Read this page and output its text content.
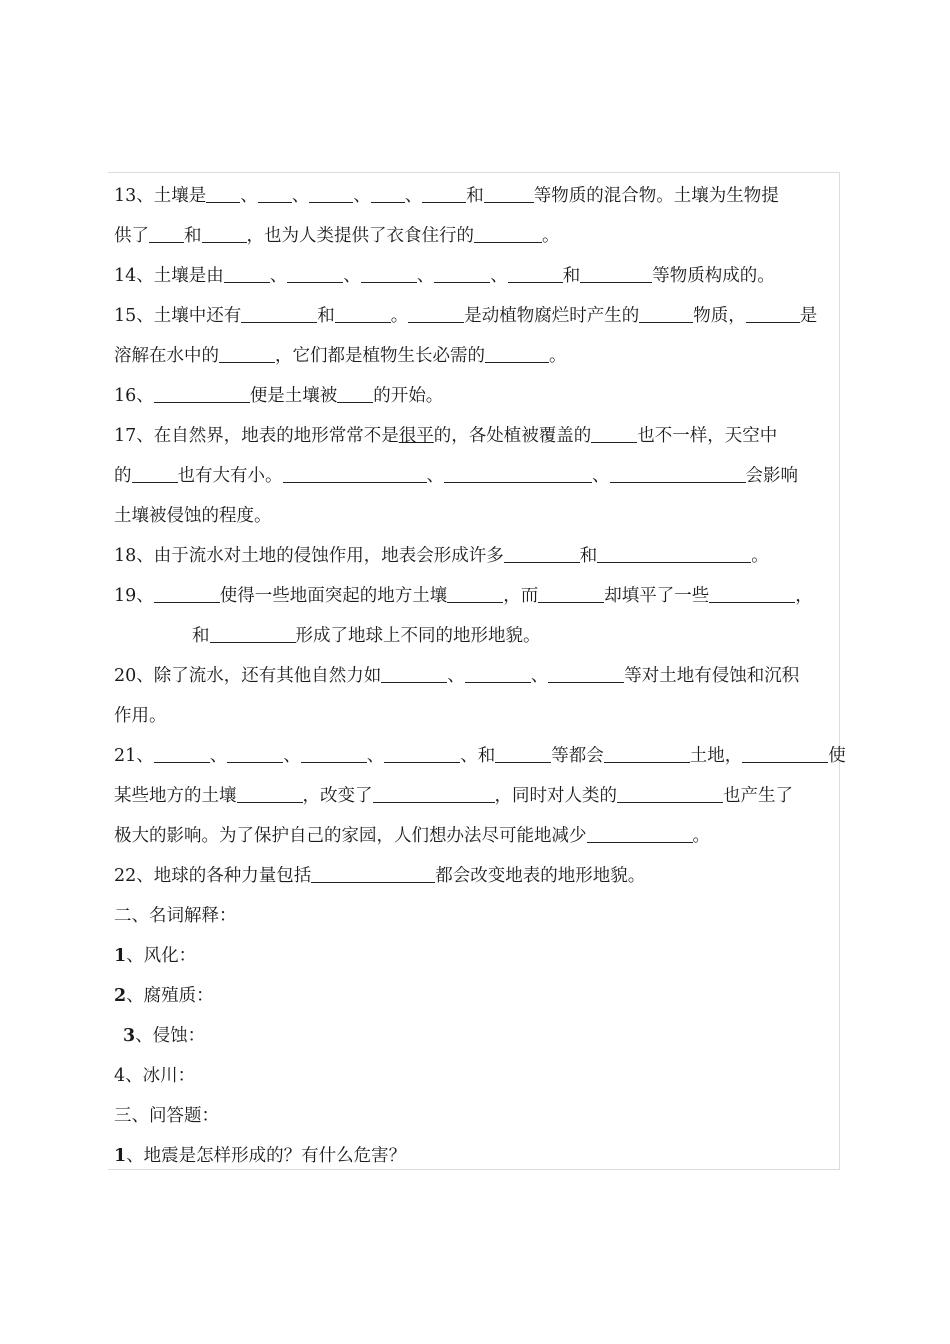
13、土壤是 、 、	、 、	和	等物质的混合物。土壤为生物提
供了 和	，也为人类提供了衣食住行的	。
14、土壤是由	、	、	、	、	和	等物质构成的。
15、土壤中还有	和	。	是动植物腐烂时产生的	物质，	是
溶解在水中的	，它们都是植物生长必需的	。
16、	便是土壤被 的开始。
17、在自然界，地表的地形常常不是很平的，各处植被覆盖的	也不一样，天空中
的	也有大有小。	、	、	会影响
土壤被侵蚀的程度。
18、由于流水对土地的侵蚀作用，地表会形成许多	和	。
19、	使得一些地面突起的地方土壤	，而	却填平了一些	，
和	形成了地球上不同的地形地貌。
20、除了流水，还有其他自然力如	、	、	等对土地有侵蚀和沉积
作用。
21、	、	、	、	、和	等都会	土地，	使
某些地方的土壤	，改变了	，同时对人类的	也产生了
极大的影响。为了保护自己的家园，人们想办法尽可能地减少	。
22、地球的各种力量包括	都会改变地表的地形地貌。
二、名词解释：
1、风化：
2、腐殖质：
3、侵蚀：
4、冰川：
三、问答题：
1、地震是怎样形成的？有什么危害？
